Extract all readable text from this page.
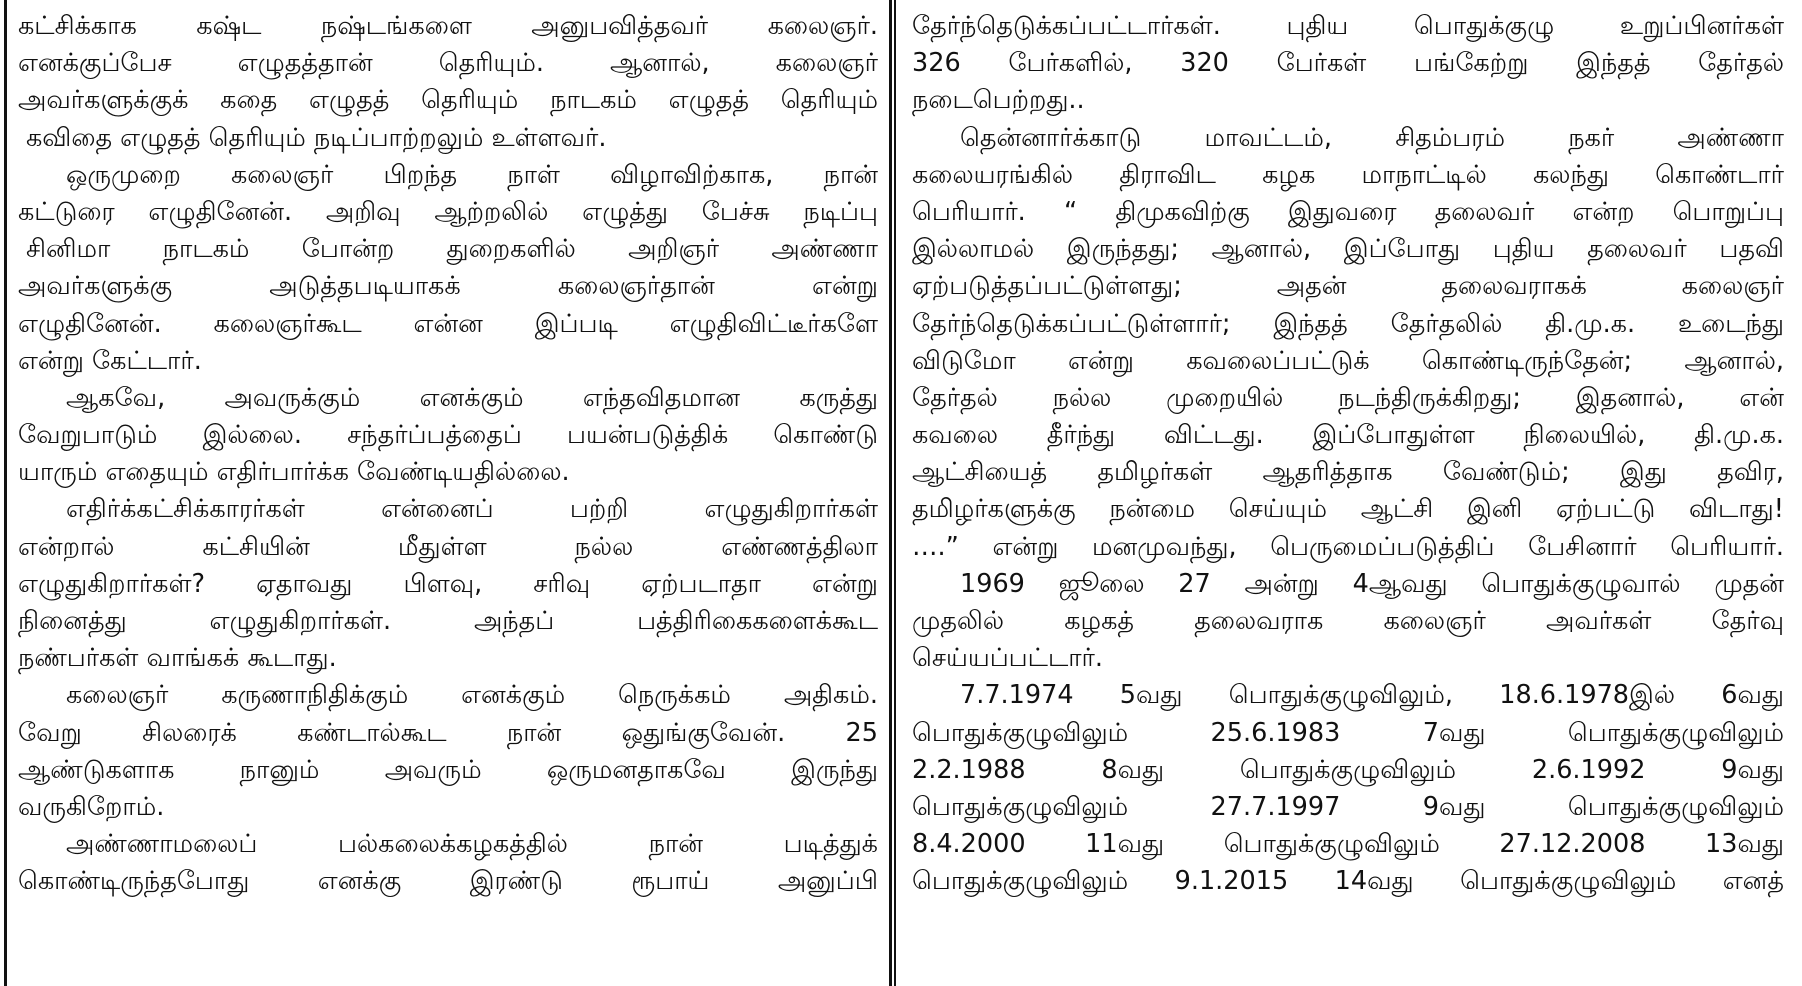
கட்சிக்காக கஷ்ட நஷ்டங்களை அனுபவித்தவர் கலைஞர்.
எனக்குப்பேச எழுதத்தான் தெரியும். ஆனால், கலைஞர்
அவர்களுக்குக் கதை எழுதத் தெரியும் நாடகம் எழுதத் தெரியும்
கவிதை எழுதத் தெரியும் நடிப்பாற்றலும் உள்ளவர்.
ஒருமுறை கலைஞர் பிறந்த நாள் விழாவிற்காக, நான்
கட்டுரை எழுதினேன். அறிவு ஆற்றலில் எழுத்து பேச்சு நடிப்பு
சினிமா நாடகம் போன்ற துறைகளில் அறிஞர் அண்ணா
அவர்களுக்கு அடுத்தபடியாகக் கலைஞர்தான் என்று
எழுதினேன். கலைஞர்கூட என்ன இப்படி எழுதிவிட்டீர்களே
என்று கேட்டார்.
ஆகவே, அவருக்கும் எனக்கும் எந்தவிதமான கருத்து
வேறுபாடும் இல்லை. சந்தர்ப்பத்தைப் பயன்படுத்திக் கொண்டு
யாரும் எதையும் எதிர்பார்க்க வேண்டியதில்லை.
எதிர்க்கட்சிக்காரர்கள் என்னைப் பற்றி எழுதுகிறார்கள்
என்றால் கட்சியின் மீதுள்ள நல்ல எண்ணத்திலா
எழுதுகிறார்கள்? ஏதாவது பிளவு, சரிவு ஏற்படாதா என்று
நினைத்து எழுதுகிறார்கள். அந்தப் பத்திரிகைகளைக்கூட
நண்பர்கள் வாங்கக் கூடாது.
கலைஞர் கருணாநிதிக்கும் எனக்கும் நெருக்கம் அதிகம்.
வேறு சிலரைக் கண்டால்கூட நான் ஒதுங்குவேன். 25
ஆண்டுகளாக நானும் அவரும் ஒருமனதாகவே இருந்து
வருகிறோம்.
அண்ணாமலைப் பல்கலைக்கழகத்தில் நான் படித்துக்
கொண்டிருந்தபோது எனக்கு இரண்டு ரூபாய் அனுப்பி
தேர்ந்தெடுக்கப்பட்டார்கள். புதிய பொதுக்குழு உறுப்பினர்கள்
326 பேர்களில், 320 பேர்கள் பங்கேற்று இந்தத் தேர்தல்
நடைபெற்றது..
தென்னார்க்காடு மாவட்டம், சிதம்பரம் நகர் அண்ணா
கலையரங்கில் திராவிட கழக மாநாட்டில் கலந்து கொண்டார்
பெரியார். “ திமுகவிற்கு இதுவரை தலைவர் என்ற பொறுப்பு
இல்லாமல் இருந்தது; ஆனால், இப்போது புதிய தலைவர் பதவி
ஏற்படுத்தப்பட்டுள்ளது; அதன் தலைவராகக் கலைஞர்
தேர்ந்தெடுக்கப்பட்டுள்ளார்; இந்தத் தேர்தலில் தி.மு.க. உடைந்து
விடுமோ என்று கவலைப்பட்டுக் கொண்டிருந்தேன்; ஆனால்,
தேர்தல் நல்ல முறையில் நடந்திருக்கிறது; இதனால், என்
கவலை தீர்ந்து விட்டது. இப்போதுள்ள நிலையில், தி.மு.க.
ஆட்சியைத் தமிழர்கள் ஆதரித்தாக வேண்டும்; இது தவிர,
தமிழர்களுக்கு நன்மை செய்யும் ஆட்சி இனி ஏற்பட்டு விடாது!
….” என்று மனமுவந்து, பெருமைப்படுத்திப் பேசினார் பெரியார்.
1969 ஜூலை 27 அன்று 4ஆவது பொதுக்குழுவால் முதன்
முதலில் கழகத் தலைவராக கலைஞர் அவர்கள் தேர்வு
செய்யப்பட்டார்.
7.7.1974 5வது பொதுக்குழுவிலும், 18.6.1978இல் 6வது
பொதுக்குழுவிலும் 25.6.1983 7வது பொதுக்குழுவிலும்
2.2.1988 8வது பொதுக்குழுவிலும் 2.6.1992 9வது
பொதுக்குழுவிலும் 27.7.1997 9வது பொதுக்குழுவிலும்
8.4.2000 11வது பொதுக்குழுவிலும் 27.12.2008 13வது
பொதுக்குழுவிலும் 9.1.2015 14வது பொதுக்குழுவிலும் எனத்
